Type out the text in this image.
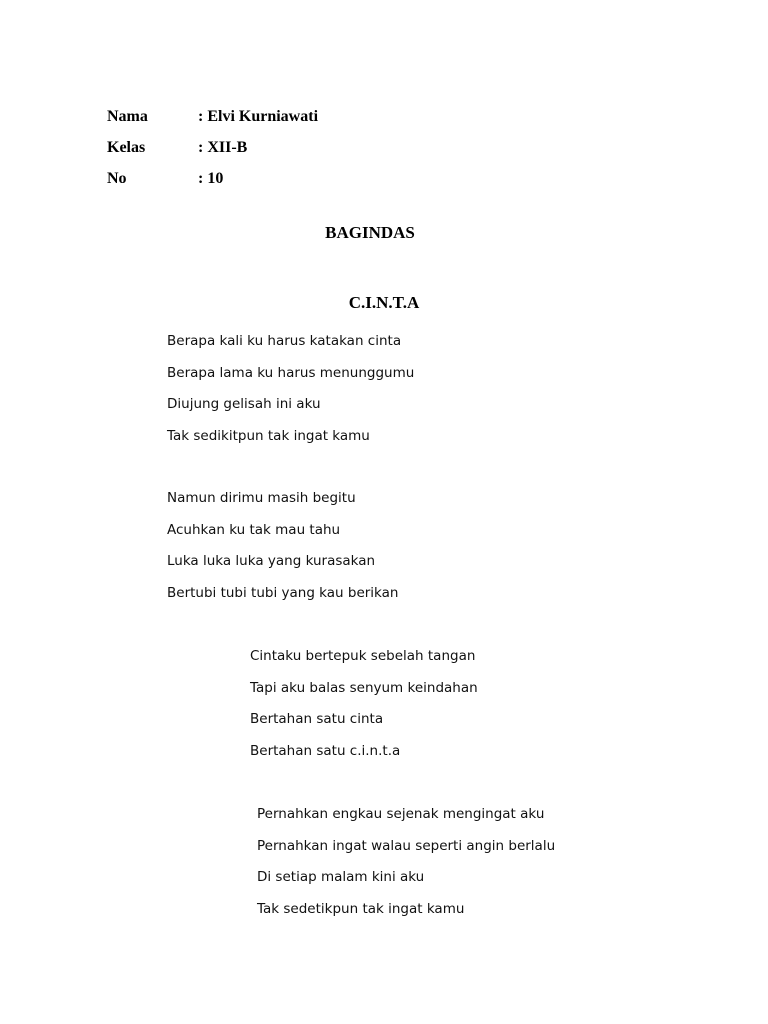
Nama	: Elvi Kurniawati
Kelas	: XII-B
No	: 10
BAGINDAS
C.I.N.T.A
Berapa kali ku harus katakan cinta
Berapa lama ku harus menunggumu
Diujung gelisah ini aku
Tak sedikitpun tak ingat kamu
Namun dirimu masih begitu
Acuhkan ku tak mau tahu
Luka luka luka yang kurasakan
Bertubi tubi tubi yang kau berikan
Cintaku bertepuk sebelah tangan
Tapi aku balas senyum keindahan
Bertahan satu cinta
Bertahan satu c.i.n.t.a
Pernahkan engkau sejenak mengingat aku
Pernahkan ingat walau seperti angin berlalu
Di setiap malam kini aku
Tak sedetikpun tak ingat kamu
